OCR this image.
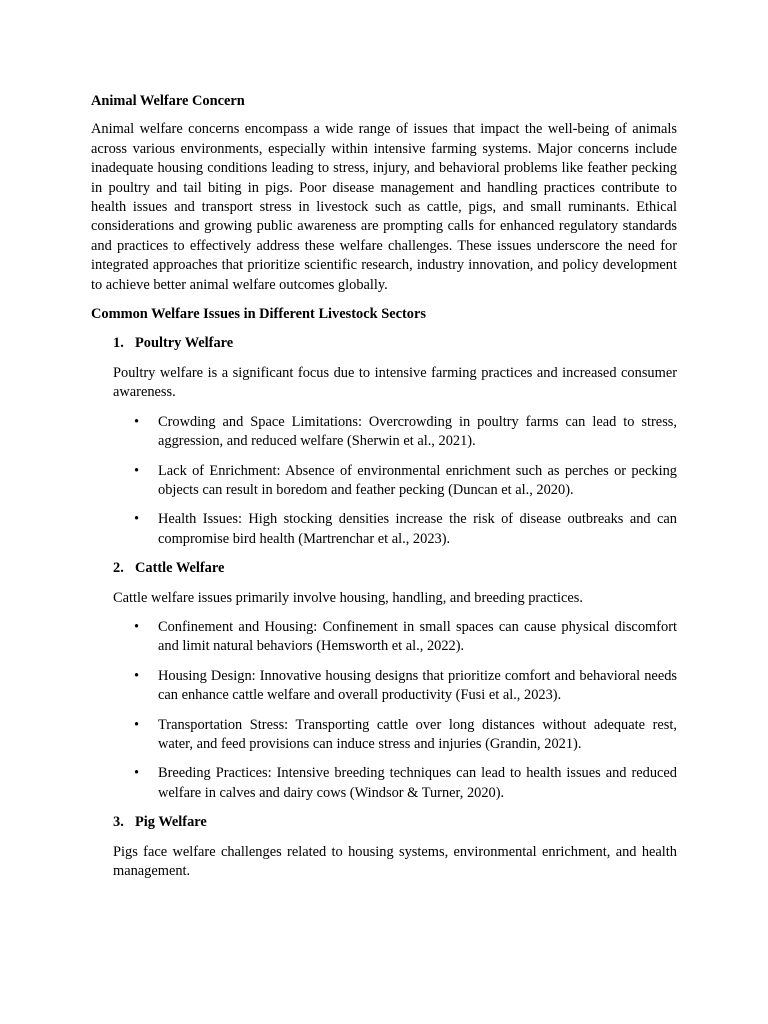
Animal Welfare Concern

Animal welfare concerns encompass a wide range of issues that impact the well-being of animals across various environments, especially within intensive farming systems. Major concerns include inadequate housing conditions leading to stress, injury, and behavioral problems like feather pecking in poultry and tail biting in pigs. Poor disease management and handling practices contribute to health issues and transport stress in livestock such as cattle, pigs, and small ruminants. Ethical considerations and growing public awareness are prompting calls for enhanced regulatory standards and practices to effectively address these welfare challenges. These issues underscore the need for integrated approaches that prioritize scientific research, industry innovation, and policy development to achieve better animal welfare outcomes globally.

Common Welfare Issues in Different Livestock Sectors
1. Poultry Welfare

Poultry welfare is a significant focus due to intensive farming practices and increased consumer awareness.

• Crowding and Space Limitations: Overcrowding in poultry farms can lead to stress, aggression, and reduced welfare (Sherwin et al., 2021).
• Lack of Enrichment: Absence of environmental enrichment such as perches or pecking objects can result in boredom and feather pecking (Duncan et al., 2020).
• Health Issues: High stocking densities increase the risk of disease outbreaks and can compromise bird health (Martrenchar et al., 2023).
2. Cattle Welfare

Cattle welfare issues primarily involve housing, handling, and breeding practices.

• Confinement and Housing: Confinement in small spaces can cause physical discomfort and limit natural behaviors (Hemsworth et al., 2022).
• Housing Design: Innovative housing designs that prioritize comfort and behavioral needs can enhance cattle welfare and overall productivity (Fusi et al., 2023).
• Transportation Stress: Transporting cattle over long distances without adequate rest, water, and feed provisions can induce stress and injuries (Grandin, 2021).
• Breeding Practices: Intensive breeding techniques can lead to health issues and reduced welfare in calves and dairy cows (Windsor & Turner, 2020).
3. Pig Welfare

Pigs face welfare challenges related to housing systems, environmental enrichment, and health management.
